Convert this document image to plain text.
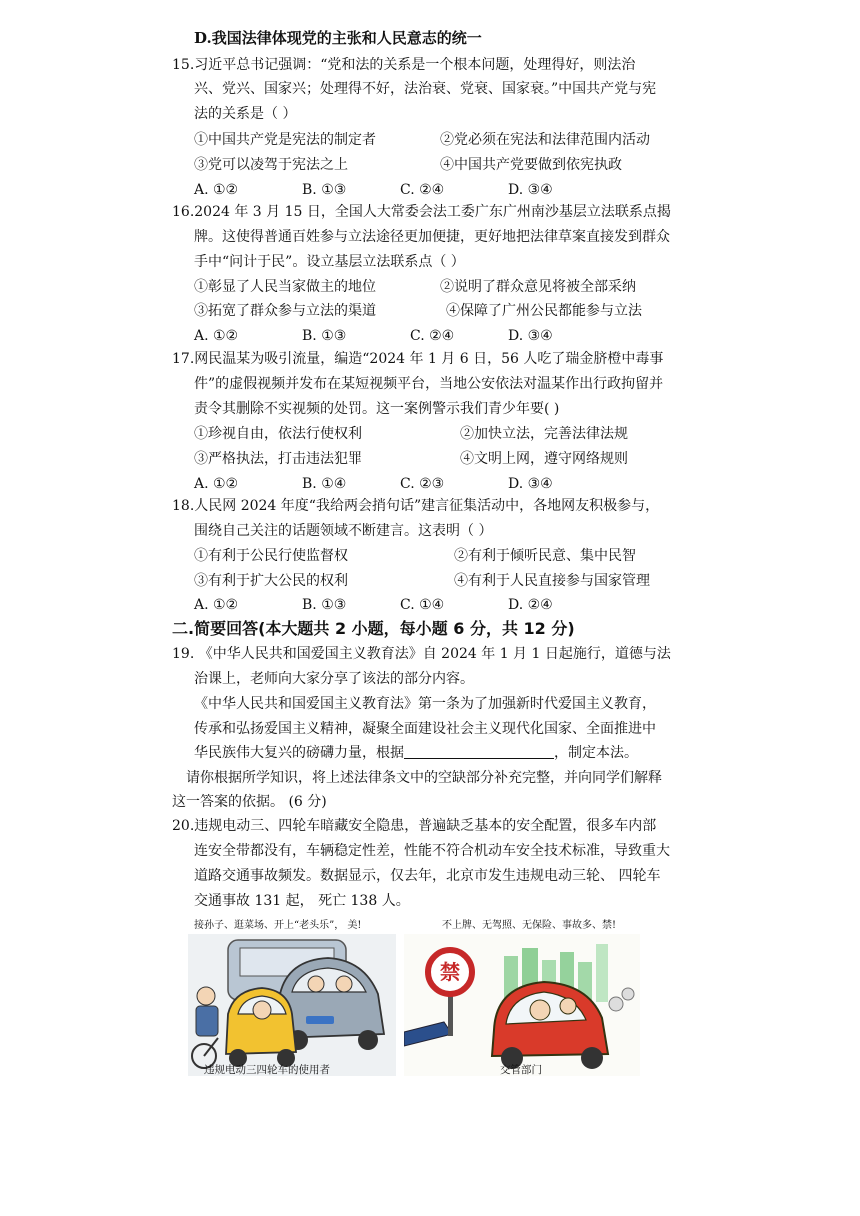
D.我国法律体现党的主张和人民意志的统一
15.习近平总书记强调：“党和法的关系是一个根本问题，处理得好，则法治
兴、党兴、国家兴；处理得不好，法治衰、党衰、国家衰。”中国共产党与宪
法的关系是（ ）
①中国共产党是宪法的制定者	②党必须在宪法和法律范围内活动
③党可以凌驾于宪法之上	④中国共产党要做到依宪执政
A. ①②	B. ①③	C. ②④	D. ③④
16.2024 年 3 月 15 日，全国人大常委会法工委广东广州南沙基层立法联系点揭
牌。这使得普通百姓参与立法途径更加便捷，更好地把法律草案直接发到群众
手中“问计于民”。设立基层立法联系点（ ）
①彰显了人民当家做主的地位	②说明了群众意见将被全部采纳
③拓宽了群众参与立法的渠道	④保障了广州公民都能参与立法
A. ①②	B. ①③	C. ②④	D. ③④
17.网民温某为吸引流量，编造“2024 年 1 月 6 日，56 人吃了瑞金脐橙中毒事
件”的虚假视频并发布在某短视频平台，当地公安依法对温某作出行政拘留并
责令其删除不实视频的处罚。这一案例警示我们青少年要( )
①珍视自由，依法行使权利	②加快立法，完善法律法规
③严格执法，打击违法犯罪	④文明上网，遵守网络规则
A. ①②	B. ①④	C. ②③	D. ③④
18.人民网 2024 年度“我给两会捎句话”建言征集活动中，各地网友积极参与，
围绕自己关注的话题领域不断建言。这表明（ ）
①有利于公民行使监督权	②有利于倾听民意、集中民智
③有利于扩大公民的权利	④有利于人民直接参与国家管理
A. ①②	B. ①③	C. ①④	D. ②④
二.简要回答(本大题共 2 小题，每小题 6 分，共 12 分)
19. 《中华人民共和国爱国主义教育法》自 2024 年 1 月 1 日起施行，道德与法
治课上，老师向大家分享了该法的部分内容。
《中华人民共和国爱国主义教育法》第一条为了加强新时代爱国主义教育，
传承和弘扬爱国主义精神，凝聚全面建设社会主义现代化国家、全面推进中
华民族伟大复兴的磅礴力量，根据	，制定本法。
请你根据所学知识，将上述法律条文中的空缺部分补充完整，并向同学们解释
这一答案的依据。 (6 分)
20.违规电动三、四轮车暗藏安全隐患，普遍缺乏基本的安全配置，很多车内部
连安全带都没有，车辆稳定性差，性能不符合机动车安全技术标准，导致重大
道路交通事故频发。数据显示，仅去年，北京市发生违规电动三轮、 四轮车
交通事故 131 起， 死亡 138 人。
接孙子、逛菜场、开上“老头乐”， 美!	不上牌、无驾照、无保险、事故多、禁!
禁
违规电动三四轮车的使用者	交管部门
